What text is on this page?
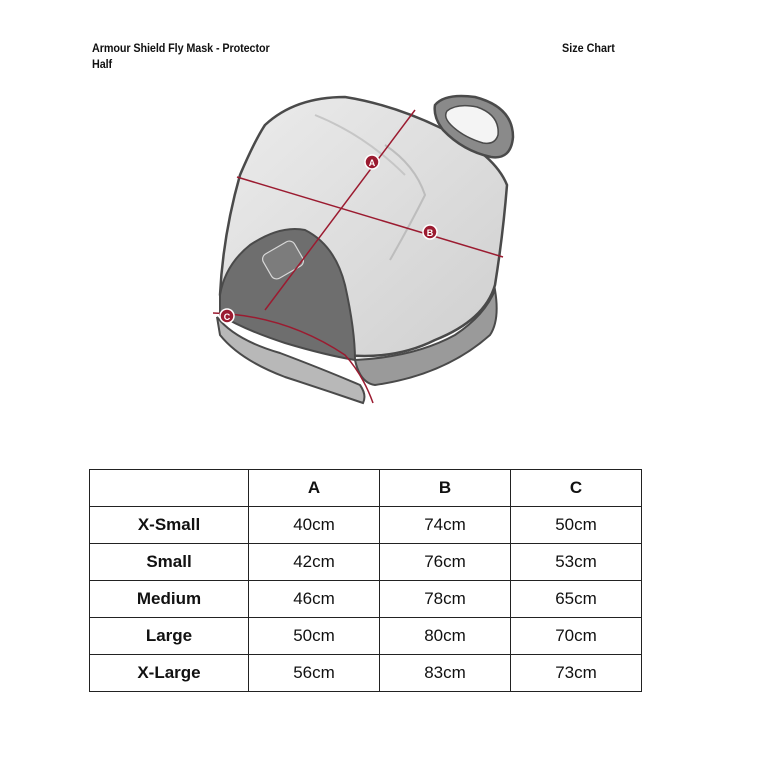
Armour Shield Fly Mask - Protector
Half
Size Chart
A
B
C
	A	B	C
X-Small	40cm	74cm	50cm
Small	42cm	76cm	53cm
Medium	46cm	78cm	65cm
Large	50cm	80cm	70cm
X-Large	56cm	83cm	73cm
